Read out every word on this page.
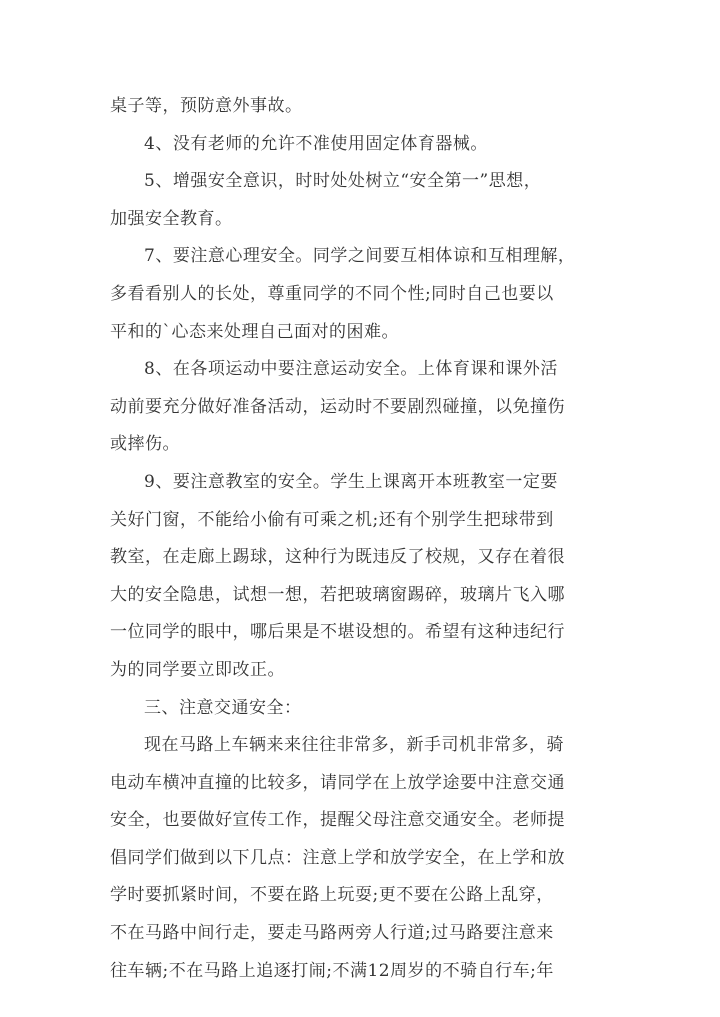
桌子等，预防意外事故。
4、没有老师的允许不准使用固定体育器械。
5、增强安全意识，时时处处树立“安全第一”思想，
加强安全教育。
7、要注意心理安全。同学之间要互相体谅和互相理解，
多看看别人的长处，尊重同学的不同个性;同时自己也要以
平和的`心态来处理自己面对的困难。
8、在各项运动中要注意运动安全。上体育课和课外活
动前要充分做好准备活动，运动时不要剧烈碰撞，以免撞伤
或摔伤。
9、要注意教室的安全。学生上课离开本班教室一定要
关好门窗，不能给小偷有可乘之机;还有个别学生把球带到
教室，在走廊上踢球，这种行为既违反了校规，又存在着很
大的安全隐患，试想一想，若把玻璃窗踢碎，玻璃片飞入哪
一位同学的眼中，哪后果是不堪设想的。希望有这种违纪行
为的同学要立即改正。
三、注意交通安全：
现在马路上车辆来来往往非常多，新手司机非常多，骑
电动车横冲直撞的比较多，请同学在上放学途要中注意交通
安全，也要做好宣传工作，提醒父母注意交通安全。老师提
倡同学们做到以下几点：注意上学和放学安全，在上学和放
学时要抓紧时间，不要在路上玩耍;更不要在公路上乱穿，
不在马路中间行走，要走马路两旁人行道;过马路要注意来
往车辆;不在马路上追逐打闹;不满12周岁的不骑自行车;年
